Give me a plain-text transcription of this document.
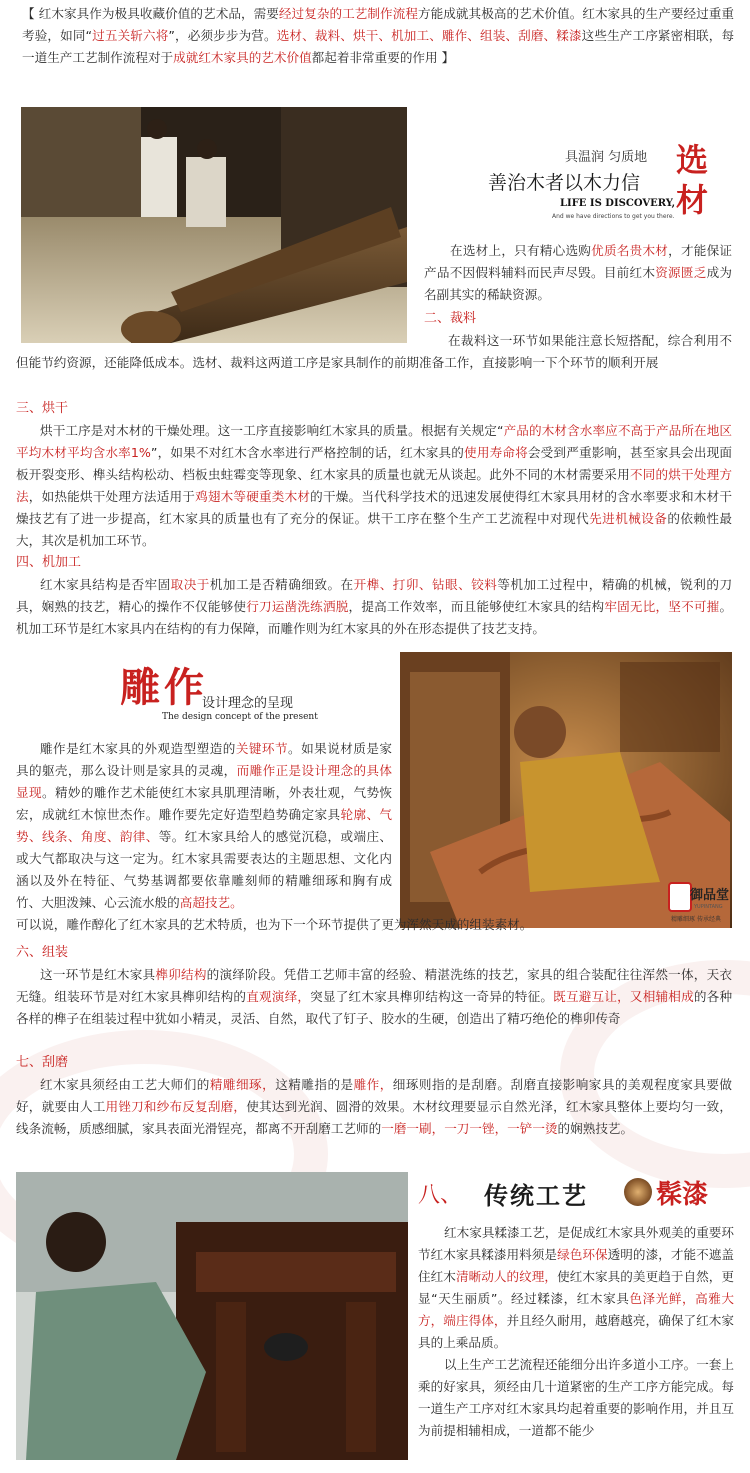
【 红木家具作为极具收藏价值的艺术品，需要经过复杂的工艺制作流程方能成就其极高的艺术价值。红木家具的生产要经过重重考验，如同“过五关斩六将”，必须步步为营。选材、裁料、烘干、机加工、雕作、组装、刮磨、糅漆这些生产工序紧密相联，每一道生产工艺制作流程对于成就红木家具的艺术价值都起着非常重要的作用 】

具温润 匀质地
善治木者以木力信
LIFE IS DISCOVERY,
And we have directions to get you there.
选材

在选材上，只有精心选购优质名贵木材，才能保证产品不因假料辅料而民声尽毁。目前红木资源匮乏成为名副其实的稀缺资源。

二、裁料

在裁料这一环节如果能注意长短搭配，综合利用不但能节约资源，还能降低成本。选材、裁料这两道工序是家具制作的前期准备工作，直接影响一下个环节的顺利开展

三、烘干

烘干工序是对木材的干燥处理。这一工序直接影响红木家具的质量。根据有关规定“产品的木材含水率应不高于产品所在地区平均木材平均含水率1%”，如果不对红木含水率进行严格控制的话，红木家具的使用寿命将会受到严重影响，甚至家具会出现面板开裂变形、榫头结构松动、档板虫蛀霉变等现象、红木家具的质量也就无从谈起。此外不同的木材需要采用不同的烘干处理方法，如热能烘干处理方法适用于鸡翅木等硬重类木材的干燥。当代科学技术的迅速发展使得红木家具用材的含水率要求和木材干燥技艺有了进一步提高，红木家具的质量也有了充分的保证。烘干工序在整个生产工艺流程中对现代先进机械设备的依赖性最大，其次是机加工环节。

四、机加工

红木家具结构是否牢固取决于机加工是否精确细致。在开榫、打卯、钻眼、铰料等机加工过程中，精确的机械，锐利的刀具，娴熟的技艺，精心的操作不仅能够使行刀运凿洗练洒脱，提高工作效率，而且能够使红木家具的结构牢固无比，坚不可摧。机加工环节是红木家具内在结构的有力保障，而雕作则为红木家具的外在形态提供了技艺支持。

雕作
设计理念的呈现
The design concept of the present

雕作是红木家具的外观造型塑造的关键环节。如果说材质是家具的躯壳，那么设计则是家具的灵魂，而雕作正是设计理念的具体显现。精妙的雕作艺术能使红木家具肌理清晰，外表壮观，气势恢宏，成就红木惊世杰作。雕作要先定好造型趋势确定家具轮廓、气势、线条、角度、韵律、等。红木家具给人的感觉沉稳，或端庄、或大气都取决与这一定为。红木家具需要表达的主题思想、文化内涵以及外在特征、气势基调都要依靠雕刻师的精雕细琢和胸有成竹、大胆泼辣、心云流水般的高超技艺。

可以说，雕作醇化了红木家具的艺术特质，也为下一个环节提供了更为浑然天成的组装素材。

御品堂
YUPINTANG
精雕细琢 传承经典
六、组装

这一环节是红木家具榫卯结构的演绎阶段。凭借工艺师丰富的经验、精湛洗练的技艺，家具的组合装配往往浑然一体，天衣无缝。组装环节是对红木家具榫卯结构的直观演绎，突显了红木家具榫卯结构这一奇异的特征。既互避互让，又相辅相成的各种各样的榫子在组装过程中犹如小精灵，灵活、自然，取代了钉子、胶水的生硬，创造出了精巧绝伦的榫卯传奇

七、刮磨

红木家具须经由工艺大师们的精雕细琢，这精雕指的是雕作，细琢则指的是刮磨。刮磨直接影响家具的美观程度家具要做好，就要由人工用锉刀和纱布反复刮磨，使其达到光润、圆滑的效果。木材纹理要显示自然光泽，红木家具整体上要均匀一致，线条流畅，质感细腻，家具表面光滑锃亮，都离不开刮磨工艺师的一磨一刷，一刀一锉，一铲一烫的娴熟技艺。

八、 传统工艺	髹漆

红木家具糅漆工艺，是促成红木家具外观美的重要环节红木家具糅漆用料须是绿色环保透明的漆，才能不遮盖住红木清晰动人的纹理，使红木家具的美更趋于自然，更显“天生丽质”。经过糅漆，红木家具色泽光鲜，高雅大方，端庄得体，并且经久耐用，越磨越亮，确保了红木家具的上乘品质。

以上生产工艺流程还能细分出许多道小工序。一套上乘的好家具，须经由几十道紧密的生产工序方能完成。每一道生产工序对红木家具均起着重要的影响作用，并且互为前提相辅相成，一道都不能少
